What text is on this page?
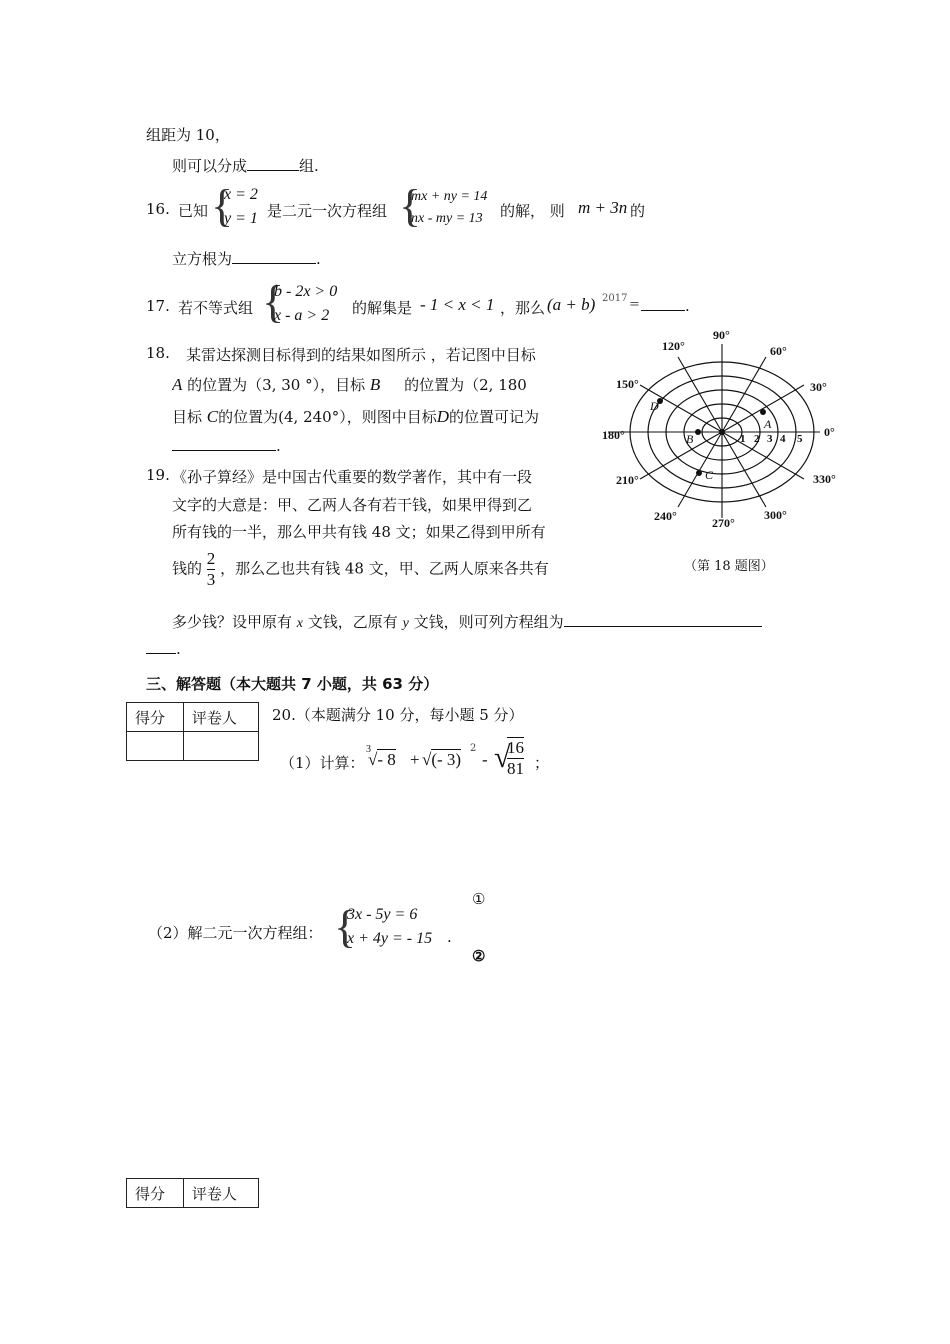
组距为 10，
则可以分成	组.
16. 已知 {
x = 2
y = 1 是二元一次方程组 {
mx + ny = 14
nx - my = 13	的解， 则 m + 3n 的
立方根为	.
17. 若不等式组 {
b - 2x > 0
x - a > 2	的解集是 - 1 < x < 1 ，那么 (a + b) 2017 =	.
18. 某雷达探测目标得到的结果如图所示 ，若记图中目标
A 的位置为（3, 30 °），目标 B 的位置为（2, 180
目标 C的位置为(4, 240°），则图中目标D的位置可记为
.
19. 《孙子算经》是中国古代重要的数学著作，其中有一段
文字的大意是：甲、乙两人各有若干钱，如果甲得到乙
所有钱的一半，那么甲共有钱 48 文；如果乙得到甲所有
钱的 $\frac{2}{3}$ ，那么乙也共有钱 48 文，甲、乙两人原来各共有
多少钱？设甲原有 x 文钱，乙原有 y 文钱，则可列方程组为
.
90°
60°
120°
30°
150°
0°
180°
330°
210°
300°
240°	270°
1 2 3 4 5
A
B
C
D
（第 18 题图）
三、解答题（本大题共 7 小题，共 63 分）
得分	评卷人
	20.（本题满分 10 分，每小题 5 分）
（1）计算：
3
√- 8 + √(- 3)
2
- √
$\frac{16}{81}$ ；
（2）解二元一次方程组： {
3x - 5y = 6
x + 4y = - 15 .
①
②
得分	评卷人
